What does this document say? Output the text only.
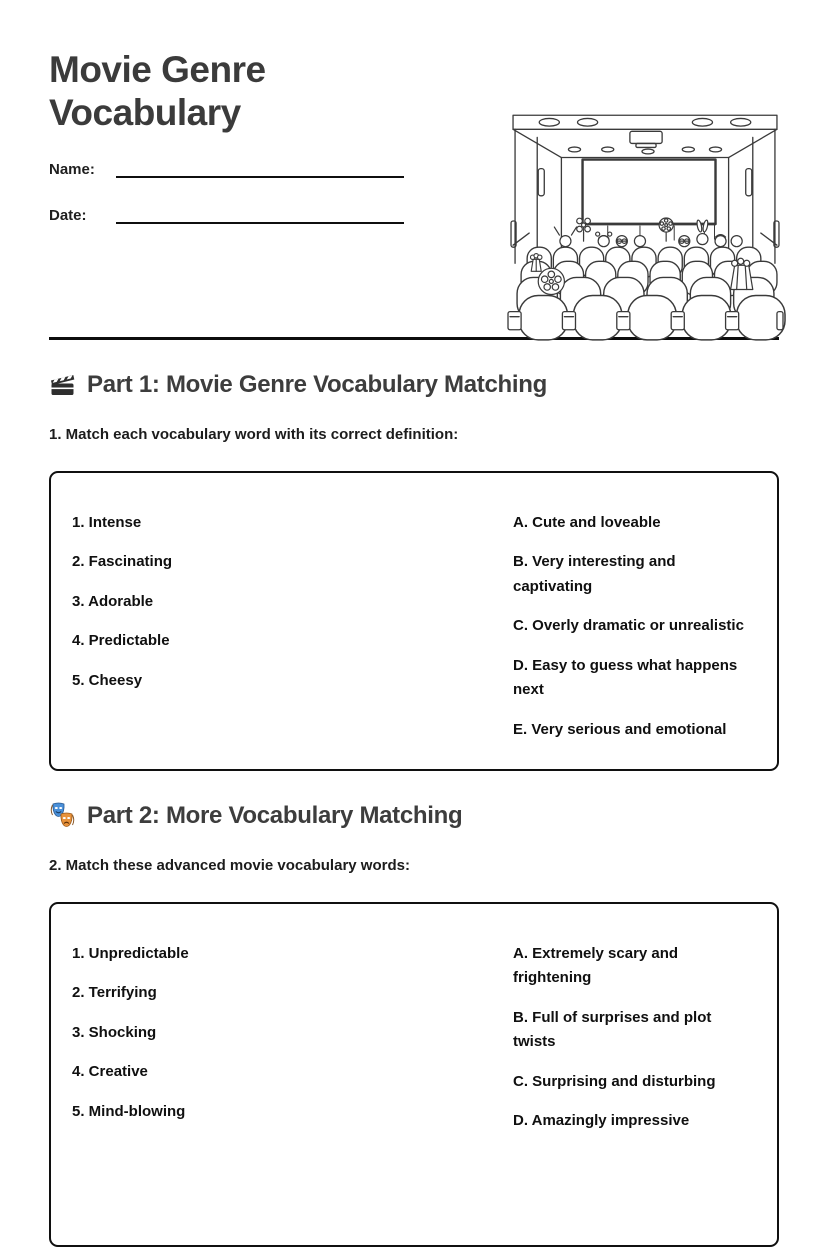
Movie Genre Vocabulary
Name:
Date:
Part 1: Movie Genre Vocabulary Matching

1. Match each vocabulary word with its correct definition:

1. Intense

2. Fascinating

3. Adorable

4. Predictable

5. Cheesy

A. Cute and loveable

B. Very interesting and captivating

C. Overly dramatic or unrealistic

D. Easy to guess what happens next

E. Very serious and emotional

Part 2: More Vocabulary Matching

2. Match these advanced movie vocabulary words:

1. Unpredictable

2. Terrifying

3. Shocking

4. Creative

5. Mind-blowing

A. Extremely scary and frightening

B. Full of surprises and plot twists

C. Surprising and disturbing

D. Amazingly impressive
